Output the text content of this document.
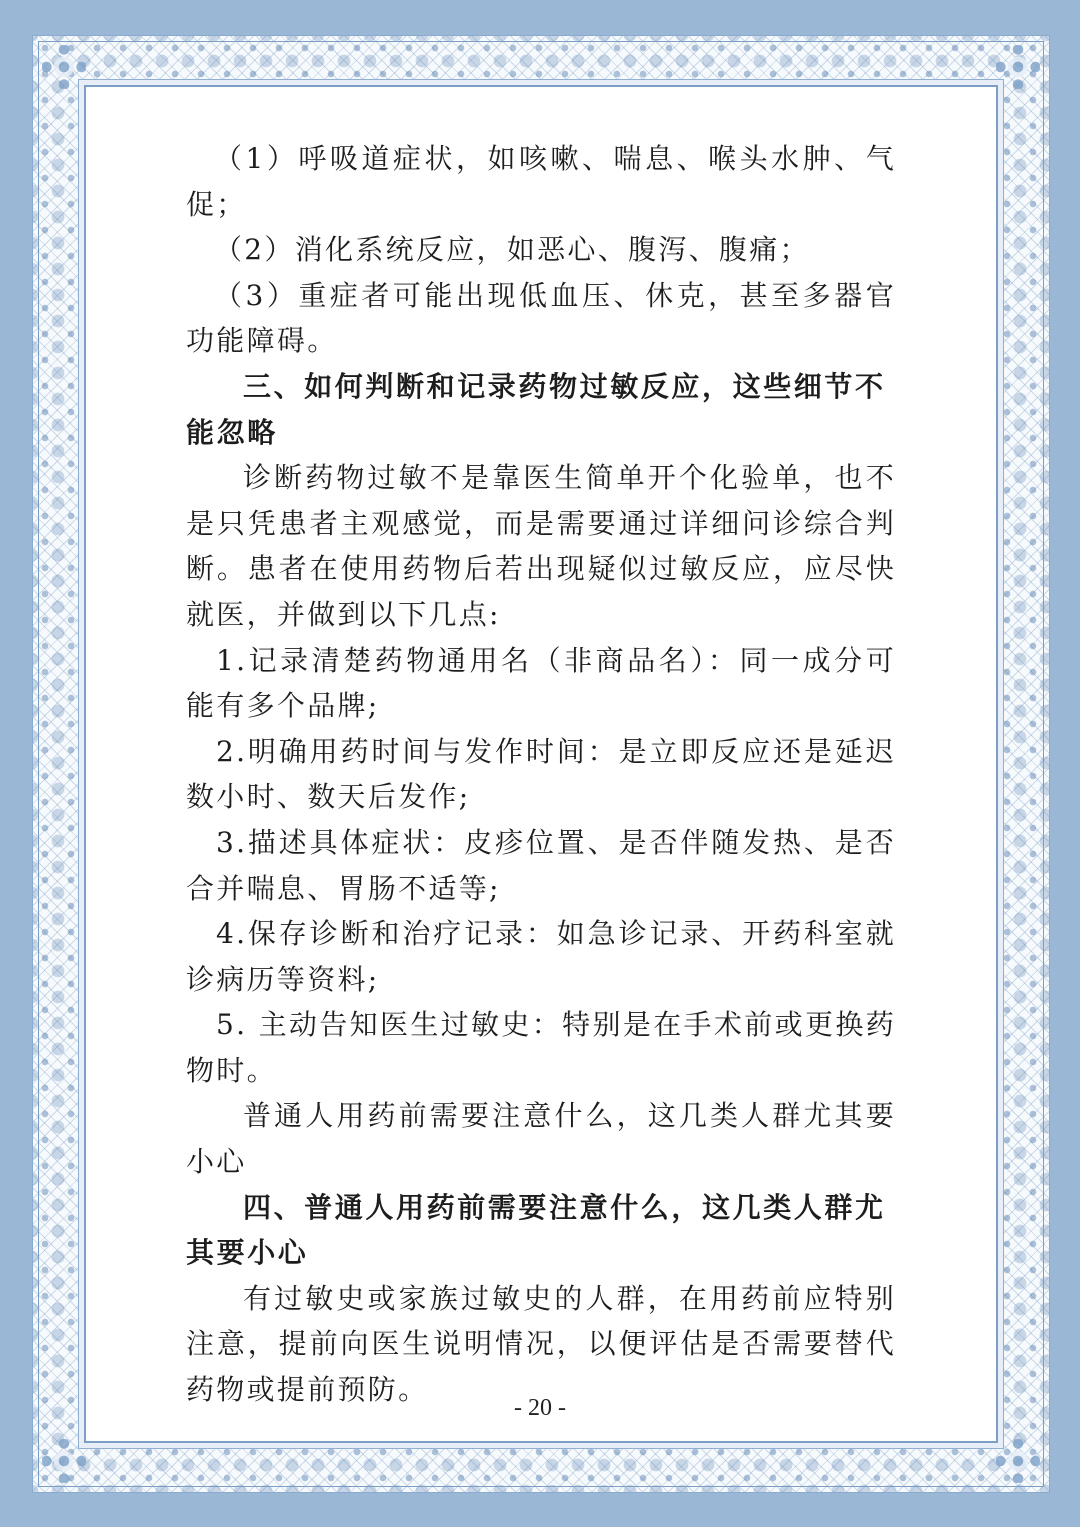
（1）呼吸道症状，如咳嗽、喘息、喉头水肿、气促；

（2）消化系统反应，如恶心、腹泻、腹痛；

（3）重症者可能出现低血压、休克，甚至多器官功能障碍。

三、如何判断和记录药物过敏反应，这些细节不能忽略

诊断药物过敏不是靠医生简单开个化验单，也不是只凭患者主观感觉，而是需要通过详细问诊综合判断。患者在使用药物后若出现疑似过敏反应，应尽快就医，并做到以下几点:

1.记录清楚药物通用名（非商品名）：同一成分可能有多个品牌;

2.明确用药时间与发作时间：是立即反应还是延迟数小时、数天后发作;

3.描述具体症状：皮疹位置、是否伴随发热、是否合并喘息、胃肠不适等;

4.保存诊断和治疗记录：如急诊记录、开药科室就诊病历等资料;

5. 主动告知医生过敏史：特别是在手术前或更换药物时。

普通人用药前需要注意什么，这几类人群尤其要小心

四、普通人用药前需要注意什么，这几类人群尤其要小心

有过敏史或家族过敏史的人群，在用药前应特别注意，提前向医生说明情况，以便评估是否需要替代药物或提前预防。

- 20 -
